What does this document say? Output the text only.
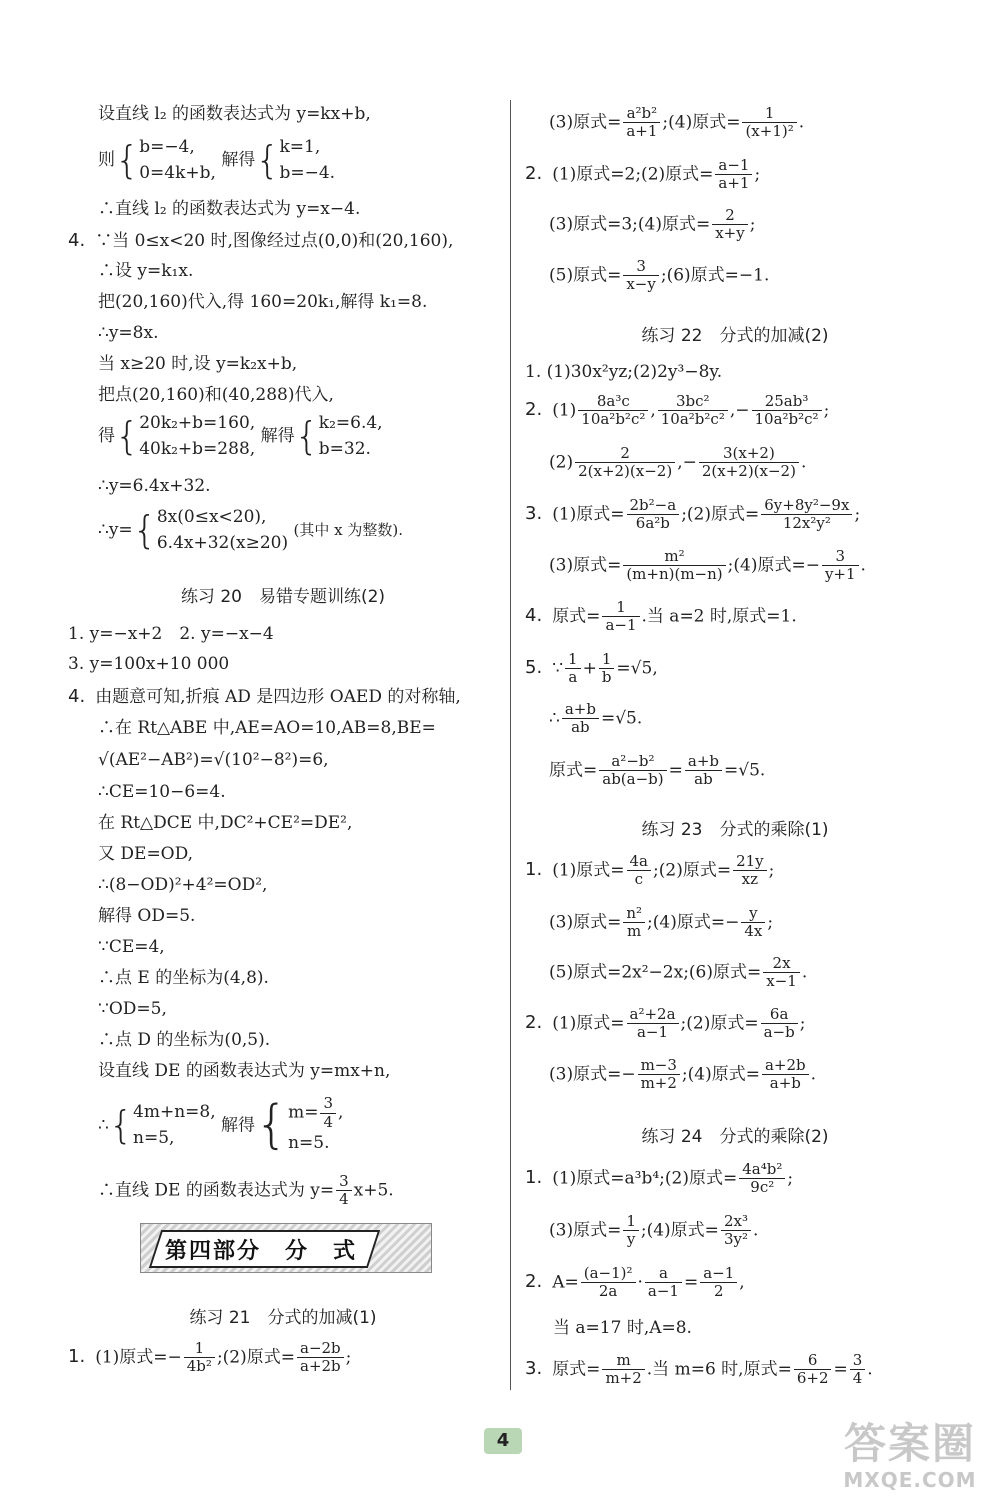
设直线 l₂ 的函数表达式为 y=kx+b,
则{ b=−4,
0=4k+b,
解得{ k=1,
b=−4.
∴直线 l₂ 的函数表达式为 y=x−4.
4. ∵当 0≤x<20 时,图像经过点(0,0)和(20,160),
∴设 y=k₁x.
把(20,160)代入,得 160=20k₁,解得 k₁=8.
∴y=8x.
当 x≥20 时,设 y=k₂x+b,
把点(20,160)和(40,288)代入,
得{ 20k₂+b=160,
40k₂+b=288,
解得{ k₂=6.4,
b=32.
∴y=6.4x+32.
∴y={ 8x(0≤x<20),
6.4x+32(x≥20)
(其中 x 为整数).
练习 20　易错专题训练(2)
1. y=−x+2　2. y=−x−4
3. y=100x+10 000
4. 由题意可知,折痕 AD 是四边形 OAED 的对称轴,
∴在 Rt△ABE 中,AE=AO=10,AB=8,BE=
√(AE²−AB²)=√(10²−8²)=6,
∴CE=10−6=4.
在 Rt△DCE 中,DC²+CE²=DE²,
又 DE=OD,
∴(8−OD)²+4²=OD²,
解得 OD=5.
∵CE=4,
∴点 E 的坐标为(4,8).
∵OD=5,
∴点 D 的坐标为(0,5).
设直线 DE 的函数表达式为 y=mx+n,
∴{ 4m+n=8,
n=5,
解得{ $m= \frac{3}{4}$ ,
n=5.
∴直线 DE 的函数表达式为 $y= \frac{3}{4} x+5$.
练习 21　分式的加减(1)
1. (1)原式=− $\frac{1}{\text{4b²}}$ ;(2)原式= $\frac{a-2b}{a+2b}$ ;
第四部分　分　式
(3)原式= $\frac{\text{a²b²}}{a+1}$ ;(4)原式= $\frac{1}{\text{(x+1)²}}$ .
2. (1)原式=2;(2)原式= $\frac{a-1}{a+1}$ ;
(3)原式=3;(4)原式= $\frac{2}{x+y}$ ;
(5)原式= $\frac{3}{x-y}$ ;(6)原式=−1.
练习 22　分式的加减(2)
1. (1)30x²yz;(2)2y³−8y.
2. $(1) \frac{\text{8a³c}}{\text{10a²b²c²}}$ , $\frac{\text{3bc²}}{\text{10a²b²c²}}$ ,− $\frac{\text{25ab³}}{\text{10a²b²c²}}$ ;
$(2) \frac{2}{2(x+2)(x-2)}$ ,− $\frac{3(x+2)}{2(x+2)(x-2)}$ .
3. (1)原式= $\frac{\text{2b²−a}}{\text{6a²b}}$ ;(2)原式= $\frac{\text{6y+8y²−9x}}{\text{12x²y²}}$ ;
(3)原式= $\frac{\text{m²}}{(m+n)(m-n)}$ ;(4)原式=− $\frac{3}{y+1}$ .
4. 原式= $\frac{1}{a-1}$ .当 a=2 时,原式=1.
5. ∵ $\frac{1}{a} + \frac{1}{b} =√5$,
∴ $\frac{a+b}{ab} =√5$.
原式= $\frac{\text{a²−b²}}{ab(a-b)} = \frac{a+b}{ab} =√5$.
练习 23　分式的乘除(1)
1. (1)原式= $\frac{4a}{c}$ ;(2)原式= $\frac{21y}{xz}$ ;
(3)原式= $\frac{\text{n²}}{m}$ ;(4)原式=− $\frac{y}{4x}$ ;
(5)原式=2x²−2x;(6)原式= $\frac{2x}{x-1}$ .
2. (1)原式= $\frac{\text{a²+2a}}{a-1}$ ;(2)原式= $\frac{6a}{a-b}$ ;
(3)原式=− $\frac{m-3}{m+2}$ ;(4)原式= $\frac{a+2b}{a+b}$ .
练习 24　分式的乘除(2)
1. (1)原式=a³b⁴;(2)原式= $\frac{\text{4a⁴b²}}{\text{9c²}}$ ;
(3)原式= $\frac{1}{y}$ ;(4)原式= $\frac{\text{2x³}}{\text{3y²}}$ .
2. $A= \frac{\text{(a−1)²}}{2a} \cdot \frac{a}{a-1} = \frac{a-1}{2}$ ,
当 a=17 时,A=8.
3. 原式= $\frac{m}{m+2}$ .当 m=6 时,原式= $\frac{6}{6+2} = \frac{3}{4}$ .
4	答案圈
MXQE.COM
